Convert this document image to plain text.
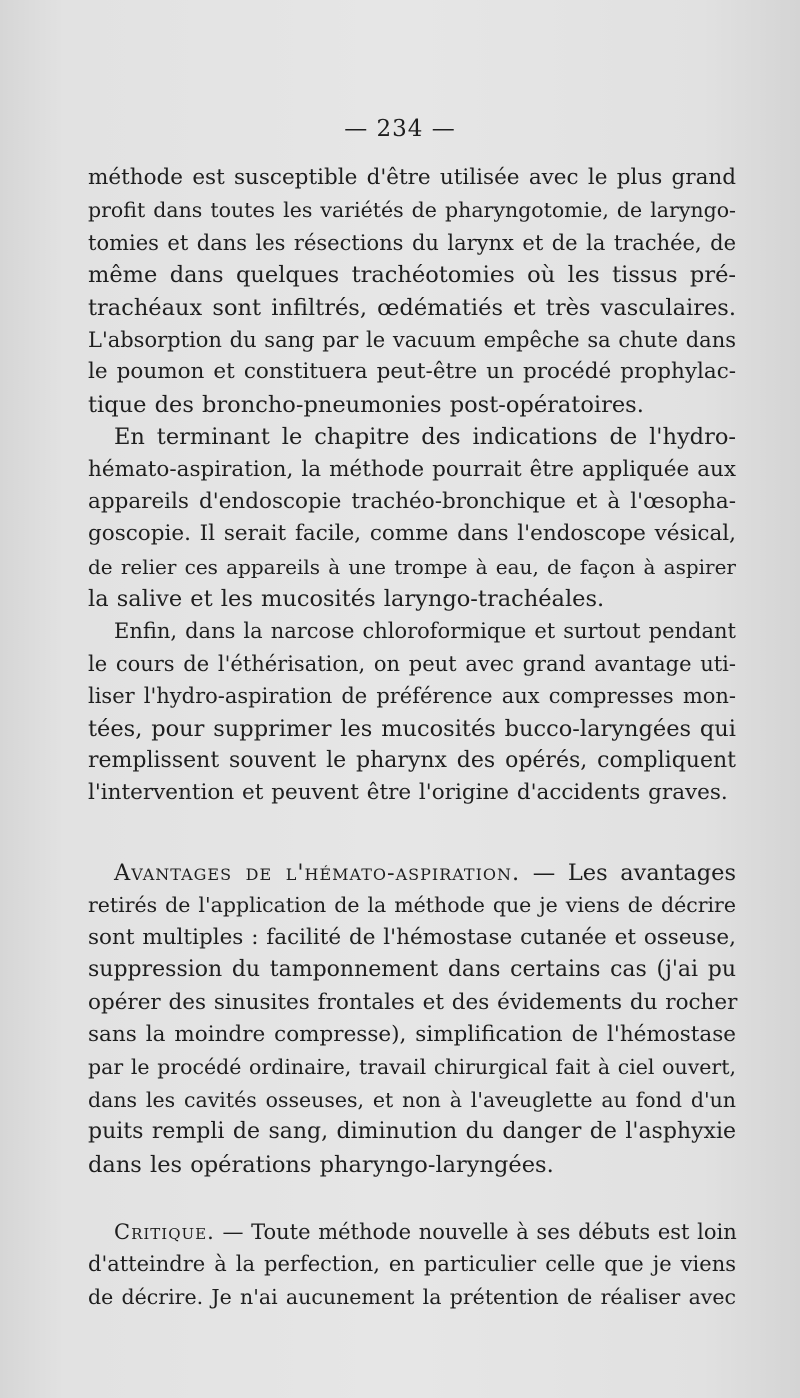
— 234 —
méthode est susceptible d'être utilisée avec le plus grand
profit dans toutes les variétés de pharyngotomie, de laryngo-
tomies et dans les résections du larynx et de la trachée, de
même dans quelques trachéotomies où les tissus pré-
trachéaux sont infiltrés, œdématiés et très vasculaires.
L'absorption du sang par le vacuum empêche sa chute dans
le poumon et constituera peut-être un procédé prophylac-
tique des broncho-pneumonies post-opératoires.
En terminant le chapitre des indications de l'hydro-
hémato-aspiration, la méthode pourrait être appliquée aux
appareils d'endoscopie trachéo-bronchique et à l'œsopha-
goscopie. Il serait facile, comme dans l'endoscope vésical,
de relier ces appareils à une trompe à eau, de façon à aspirer
la salive et les mucosités laryngo-trachéales.
Enfin, dans la narcose chloroformique et surtout pendant
le cours de l'éthérisation, on peut avec grand avantage uti-
liser l'hydro-aspiration de préférence aux compresses mon-
tées, pour supprimer les mucosités bucco-laryngées qui
remplissent souvent le pharynx des opérés, compliquent
l'intervention et peuvent être l'origine d'accidents graves.
Avantages de l'hémato-aspiration. — Les avantages
retirés de l'application de la méthode que je viens de décrire
sont multiples : facilité de l'hémostase cutanée et osseuse,
suppression du tamponnement dans certains cas (j'ai pu
opérer des sinusites frontales et des évidements du rocher
sans la moindre compresse), simplification de l'hémostase
par le procédé ordinaire, travail chirurgical fait à ciel ouvert,
dans les cavités osseuses, et non à l'aveuglette au fond d'un
puits rempli de sang, diminution du danger de l'asphyxie
dans les opérations pharyngo-laryngées.
Critique. — Toute méthode nouvelle à ses débuts est loin
d'atteindre à la perfection, en particulier celle que je viens
de décrire. Je n'ai aucunement la prétention de réaliser avec
